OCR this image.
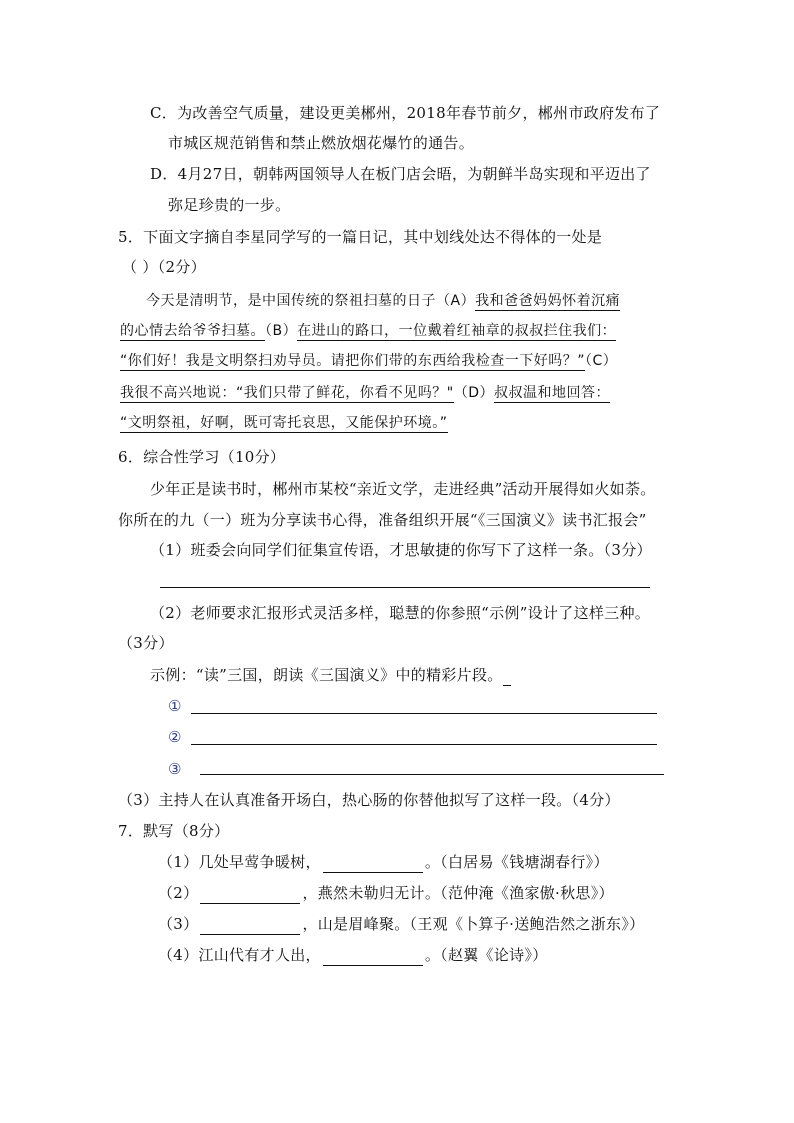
C．为改善空气质量，建设更美郴州，2018年春节前夕，郴州市政府发布了
市城区规范销售和禁止燃放烟花爆竹的通告。
D．4月27日，朝韩两国领导人在板门店会晤，为朝鲜半岛实现和平迈出了
弥足珍贵的一步。
5．下面文字摘自李星同学写的一篇日记，其中划线处达不得体的一处是
（ ）（2分）
今天是清明节，是中国传统的祭祖扫墓的日子（A）我和爸爸妈妈怀着沉痛
的心情去给爷爷扫墓。（B）在进山的路口，一位戴着红袖章的叔叔拦住我们：
“你们好！我是文明祭扫劝导员。请把你们带的东西给我检查一下好吗？”（C）
我很不高兴地说：“我们只带了鲜花，你看不见吗？"（D）叔叔温和地回答：
“文明祭祖，好啊，既可寄托哀思，又能保护环境。”
6．综合性学习（10分）
少年正是读书时，郴州市某校“亲近文学，走进经典”活动开展得如火如荼。
你所在的九（一）班为分享读书心得，准备组织开展“《三国演义》读书汇报会”
（1）班委会向同学们征集宣传语，才思敏捷的你写下了这样一条。（3分）
（2）老师要求汇报形式灵活多样，聪慧的你参照“示例”设计了这样三种。
（3分）
示例：“读”三国，朗读《三国演义》中的精彩片段。
①
②
③
（3）主持人在认真准备开场白，热心肠的你替他拟写了这样一段。（4分）
7．默写（8分）
（1）几处早莺争暖树，	。（白居易《钱塘湖春行》）
（2）	，燕然未勒归无计。（范仲淹《渔家傲·秋思》）
（3）	，山是眉峰聚。（王观《卜算子·送鲍浩然之浙东》）
（4）江山代有才人出，	。（赵翼《论诗》）
